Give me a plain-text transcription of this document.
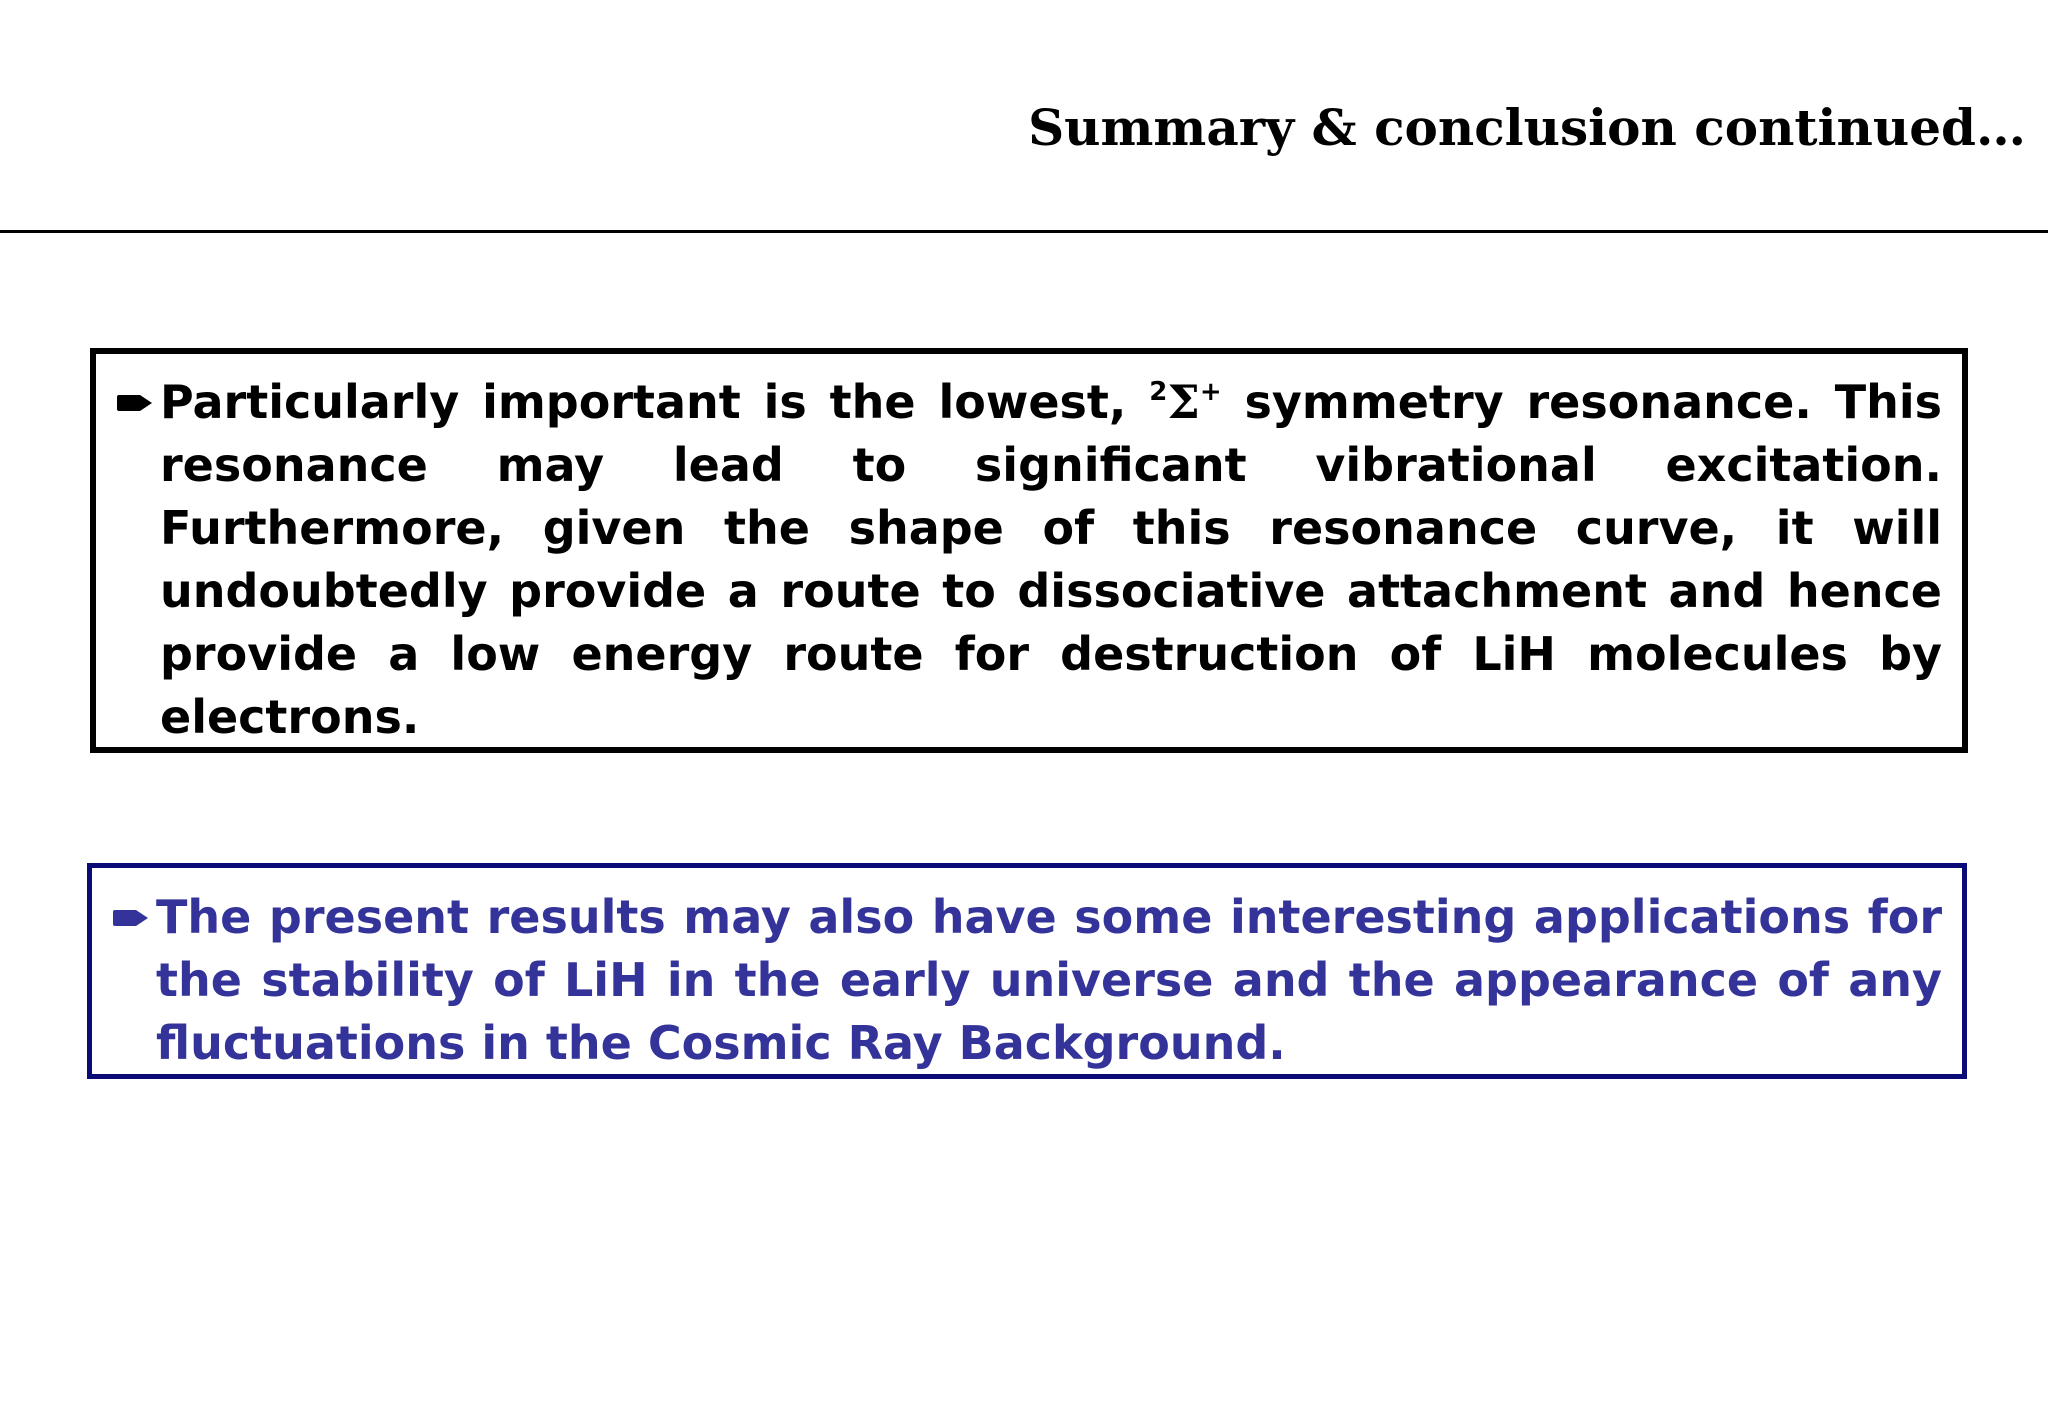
Summary & conclusion continued…

Particularly important is the lowest, $^2$Σ+ symmetry resonance. This resonance may lead to significant vibrational excitation. Furthermore, given the shape of this resonance curve, it will undoubtedly provide a route to dissociative attachment and hence provide a low energy route for destruction of LiH molecules by electrons.

The present results may also have some interesting applications for the stability of LiH in the early universe and the appearance of any fluctuations in the Cosmic Ray Background.
